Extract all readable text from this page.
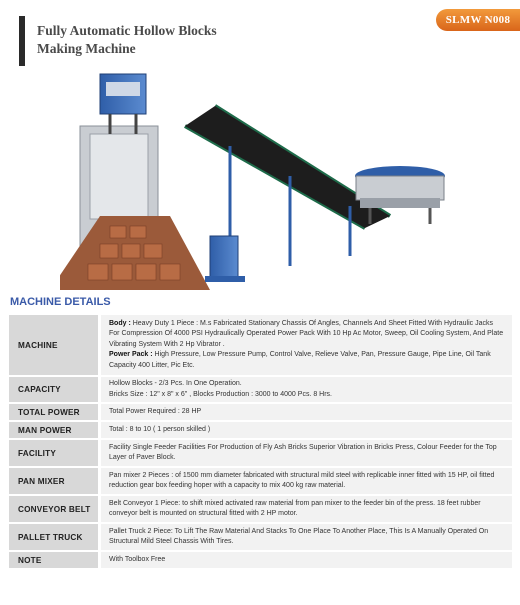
Fully Automatic Hollow Blocks
Making Machine
SLMW N008
MACHINE DETAILS
MACHINE		Body : Heavy Duty 1 Piece : M.s Fabricated Stationary Chassis Of Angles, Channels And Sheet Fitted With Hydraulic Jacks For Compression Of 4000 PSI Hydraulically Operated Power Pack With 10 Hp Ac Motor, Sweep, Oil Cooling System, And Plate Vibrating System With 2 Hp Vibrator .
Power Pack : High Pressure, Low Pressure Pump, Control Valve, Relieve Valve, Pan, Pressure Gauge, Pipe Line, Oil Tank Capacity 400 Litter, Pic Etc.

CAPACITY		Hollow Blocks - 2/3 Pcs. In One Operation.
Bricks Size : 12" x 8" x 6" , Blocks Production : 3000 to 4000 Pcs. 8 Hrs.

TOTAL POWER		Total Power Required : 28 HP

MAN POWER		Total : 8 to 10 ( 1 person skilled )

FACILITY		Facility Single Feeder Facilities For Production of Fly Ash Bricks Superior Vibration in Bricks Press, Colour Feeder for the Top Layer of Paver Block.

PAN MIXER		Pan mixer 2 Pieces : of 1500 mm diameter fabricated with structural mild steel with replicable inner fitted with 15 HP, oil fitted reduction gear box feeding hoper with a capacity to mix 400 kg raw material.

CONVEYOR BELT		Belt Conveyor 1 Piece: to shift mixed activated raw material from pan mixer to the feeder bin of the press. 18 feet rubber conveyor belt is mounted on structural fitted with 2 HP motor.

PALLET TRUCK		Pallet Truck 2 Piece: To Lift The Raw Material And Stacks To One Place To Another Place, This Is A Manually Operated On Structural Mild Steel Chassis With Tires.

NOTE		With Toolbox Free
